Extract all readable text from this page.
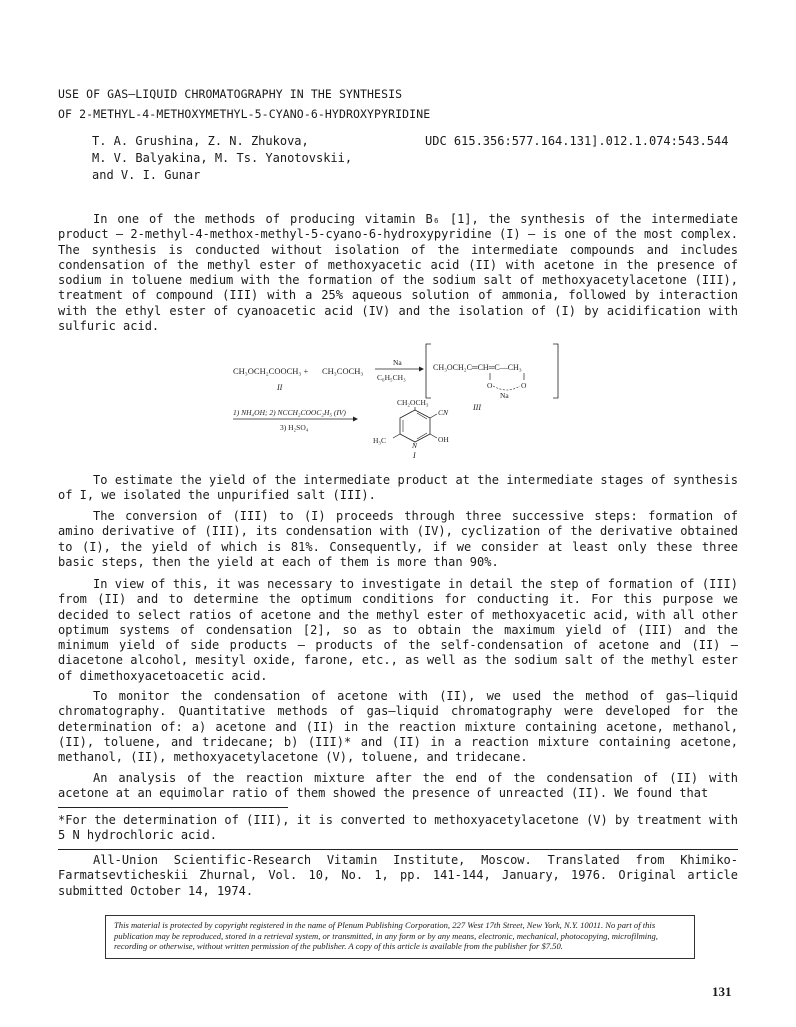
USE OF GAS—LIQUID CHROMATOGRAPHY IN THE SYNTHESIS
OF 2-METHYL-4-METHOXYMETHYL-5-CYANO-6-HYDROXYPYRIDINE
T. A. Grushina, Z. N. Zhukova,
M. V. Balyakina, M. Ts. Yanotovskii,
and V. I. Gunar
UDC 615.356:577.164.131].012.1.074:543.544

In one of the methods of producing vitamin B₆ [1], the synthesis of the intermediate product — 2-methyl-4-methox-methyl-5-cyano-6-hydroxypyridine (I) — is one of the most complex. The synthesis is conducted without isolation of the intermediate compounds and includes condensation of the methyl ester of methoxyacetic acid (II) with acetone in the presence of sodium in toluene medium with the formation of the sodium salt of methoxyacetylacetone (III), treatment of compound (III) with a 25% aqueous solution of ammonia, followed by interaction with the ethyl ester of cyanoacetic acid (IV) and the isolation of (I) by acidification with sulfuric acid.

CH₃OCH₂COOCH₃ + CH₃COCH₃
Na
C₆H₅CH₃
II
CH₃OCH₂C═CH═C—CH₃
O	O
Na
III
1) NH₄OH; 2) NCCH₂COOC₂H₅ (IV)
3) H₂SO₄
CH₂OCH₃
CN
OH
H₃C
N
I

To estimate the yield of the intermediate product at the intermediate stages of synthesis of I, we isolated the unpurified salt (III).

The conversion of (III) to (I) proceeds through three successive steps: formation of amino derivative of (III), its condensation with (IV), cyclization of the derivative obtained to (I), the yield of which is 81%. Consequently, if we consider at least only these three basic steps, then the yield at each of them is more than 90%.

In view of this, it was necessary to investigate in detail the step of formation of (III) from (II) and to determine the optimum conditions for conducting it. For this purpose we decided to select ratios of acetone and the methyl ester of methoxyacetic acid, with all other optimum systems of condensation [2], so as to obtain the maximum yield of (III) and the minimum yield of side products — products of the self-condensation of acetone and (II) — diacetone alcohol, mesityl oxide, farone, etc., as well as the sodium salt of the methyl ester of dimethoxyacetoacetic acid.

To monitor the condensation of acetone with (II), we used the method of gas—liquid chromatography. Quantitative methods of gas—liquid chromatography were developed for the determination of: a) acetone and (II) in the reaction mixture containing acetone, methanol, (II), toluene, and tridecane; b) (III)* and (II) in a reaction mixture containing acetone, methanol, (II), methoxyacetylacetone (V), toluene, and tridecane.

An analysis of the reaction mixture after the end of the condensation of (II) with acetone at an equimolar ratio of them showed the presence of unreacted (II). We found that

*For the determination of (III), it is converted to methoxyacetylacetone (V) by treatment with 5 N hydrochloric acid.

All-Union Scientific-Research Vitamin Institute, Moscow. Translated from Khimiko-Farmatsevticheskii Zhurnal, Vol. 10, No. 1, pp. 141-144, January, 1976. Original article submitted October 14, 1974.

This material is protected by copyright registered in the name of Plenum Publishing Corporation, 227 West 17th Street, New York, N.Y. 10011. No part of this publication may be reproduced, stored in a retrieval system, or transmitted, in any form or by any means, electronic, mechanical, photocopying, microfilming, recording or otherwise, without written permission of the publisher. A copy of this article is available from the publisher for $7.50.
131
